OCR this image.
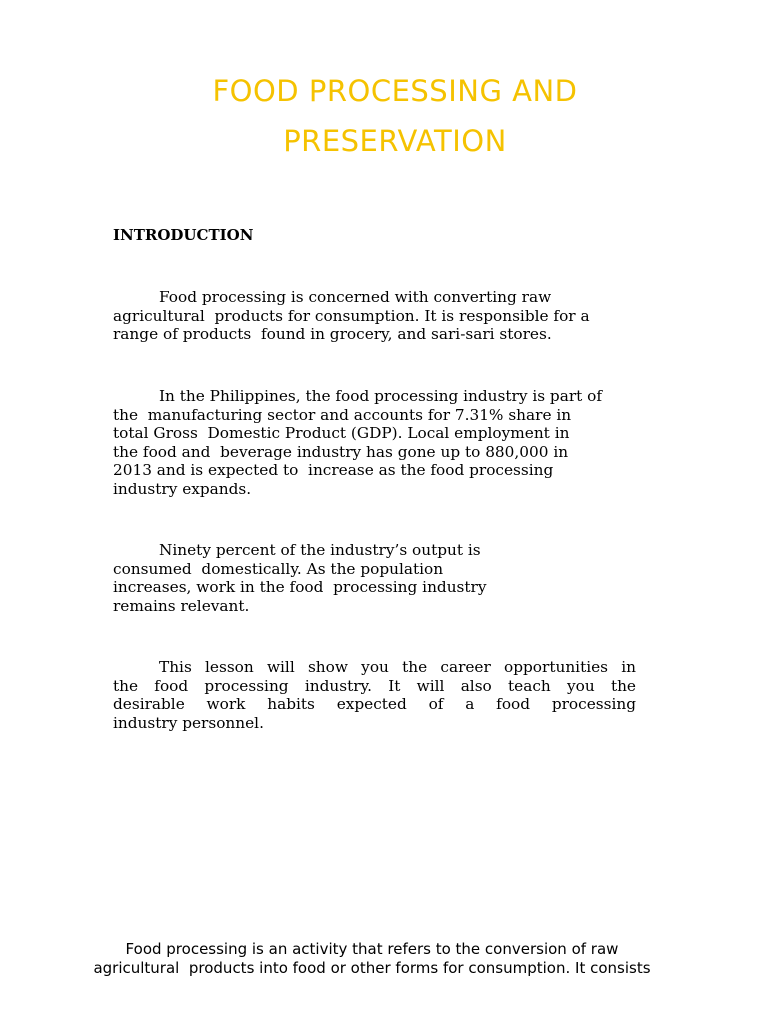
FOOD PROCESSING AND
PRESERVATION
INTRODUCTION
Food processing is concerned with converting raw
agricultural  products for consumption. It is responsible for a
range of products  found in grocery, and sari-sari stores.
In the Philippines, the food processing industry is part of
the  manufacturing sector and accounts for 7.31% share in
total Gross  Domestic Product (GDP). Local employment in
the food and  beverage industry has gone up to 880,000 in
2013 and is expected to  increase as the food processing
industry expands.
Ninety percent of the industry’s output is
consumed  domestically. As the population
increases, work in the food  processing industry
remains relevant.
This lesson will show you the career opportunities in
the food processing industry. It will also teach you the
desirable work habits expected of a food processing
industry personnel.
Food processing is an activity that refers to the conversion of raw
agricultural  products into food or other forms for consumption. It consists
